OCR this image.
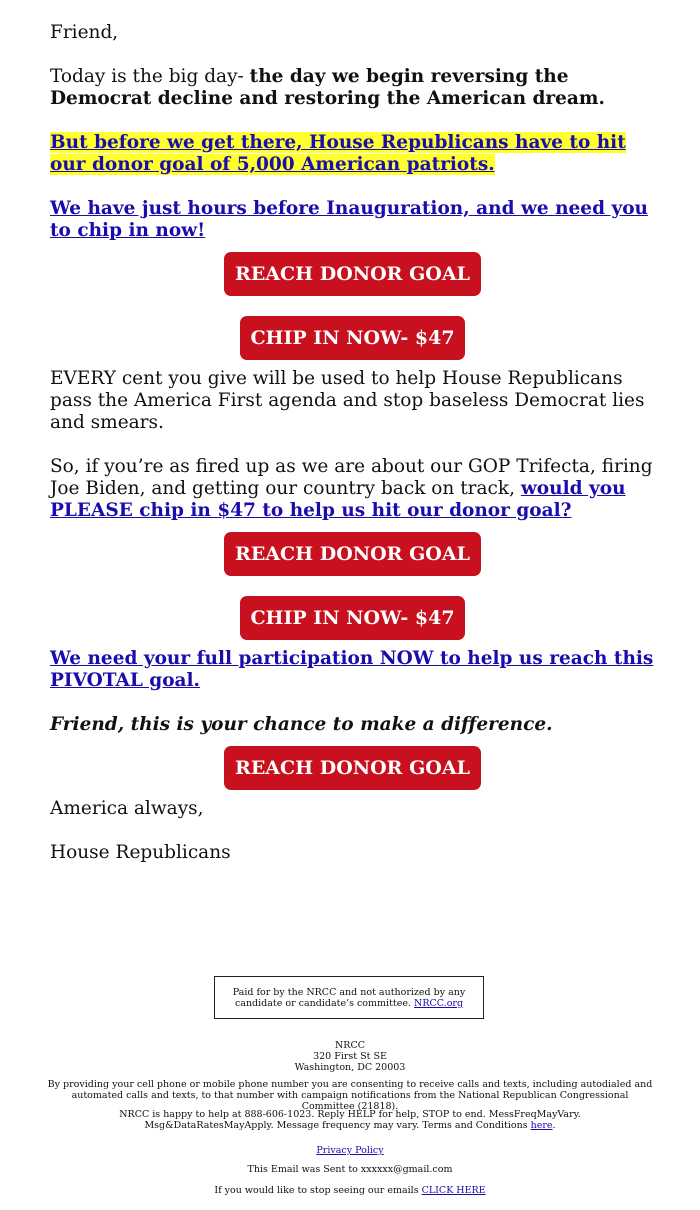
Friend,

Today is the big day- the day we begin reversing the Democrat decline and restoring the American dream.

But before we get there, House Republicans have to hit our donor goal of 5,000 American patriots.

We have just hours before Inauguration, and we need you to chip in now!

REACH DONOR GOAL
CHIP IN NOW- $47

EVERY cent you give will be used to help House Republicans pass the America First agenda and stop baseless Democrat lies and smears.

So, if you’re as fired up as we are about our GOP Trifecta, firing Joe Biden, and getting our country back on track, would you PLEASE chip in $47 to help us hit our donor goal?

REACH DONOR GOAL
CHIP IN NOW- $47

We need your full participation NOW to help us reach this PIVOTAL goal.

Friend, this is your chance to make a difference.

REACH DONOR GOAL

America always,

House Republicans

Paid for by the NRCC and not authorized by any candidate or candidate’s committee. NRCC.org
NRCC
320 First St SE
Washington, DC 20003
By providing your cell phone or mobile phone number you are consenting to receive calls and texts, including autodialed and automated calls and texts, to that number with campaign notifications from the National Republican Congressional Committee (21818).
NRCC is happy to help at 888-606-1023. Reply HELP for help, STOP to end. MessFreqMayVary. Msg&DataRatesMayApply. Message frequency may vary. Terms and Conditions here.
Privacy Policy
This Email was Sent to xxxxxx@gmail.com
If you would like to stop seeing our emails CLICK HERE
